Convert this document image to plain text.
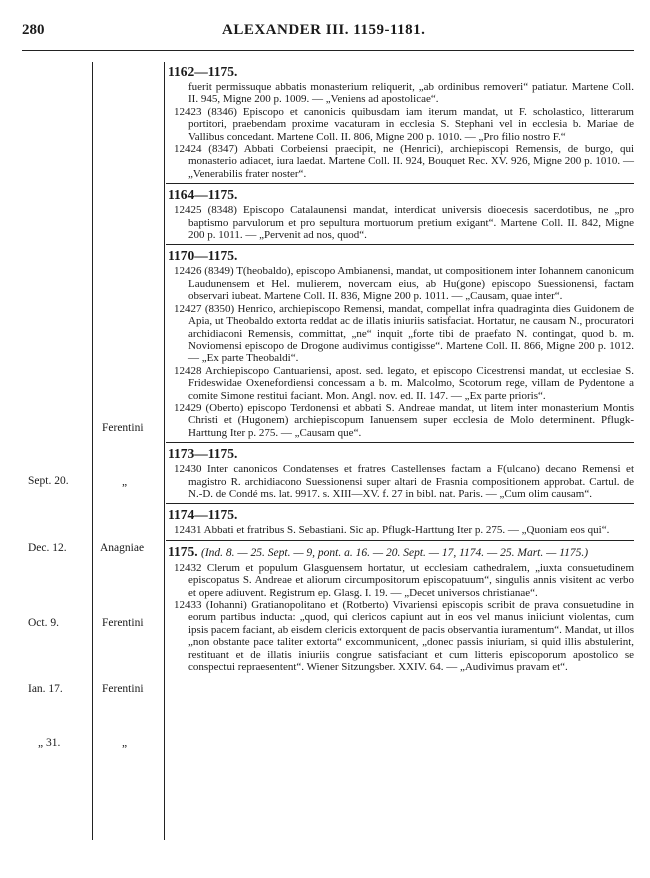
280	ALEXANDER III. 1159-1181.
Sept. 20.
Dec. 12.
Oct. 9.
Ian. 17.
„ 31.
Ferentini
„
Anagniae
Ferentini
Ferentini
„
1162—1175.

fuerit permissuque abbatis monasterium reliquerit, „ab ordinibus removeri“ patiatur. Martene Coll. II. 945, Migne 200 p. 1009. — „Veniens ad apostolicae“.

12423 (8346) Episcopo et canonicis quibusdam iam iterum mandat, ut F. scholastico, litterarum portitori, praebendam proxime vacaturam in ecclesia S. Stephani vel in ecclesia b. Mariae de Vallibus concedant. Martene Coll. II. 806, Migne 200 p. 1010. — „Pro filio nostro F.“

12424 (8347) Abbati Corbeiensi praecipit, ne (Henrici), archiepiscopi Remensis, de burgo, qui monasterio adiacet, iura laedat. Martene Coll. II. 924, Bouquet Rec. XV. 926, Migne 200 p. 1010. — „Venerabilis frater noster“.

1164—1175.

12425 (8348) Episcopo Catalaunensi mandat, interdicat universis dioecesis sacerdotibus, ne „pro baptismo parvulorum et pro sepultura mortuorum pretium exigant“. Martene Coll. II. 842, Migne 200 p. 1011. — „Pervenit ad nos, quod“.

1170—1175.

12426 (8349) T(heobaldo), episcopo Ambianensi, mandat, ut compositionem inter Iohannem canonicum Laudunensem et Hel. mulierem, novercam eius, ab Hu(gone) episcopo Suessionensi, factam observari iubeat. Martene Coll. II. 836, Migne 200 p. 1011. — „Causam, quae inter“.

12427 (8350) Henrico, archiepiscopo Remensi, mandat, compellat infra quadraginta dies Guidonem de Apia, ut Theobaldo extorta reddat ac de illatis iniuriis satisfaciat. Hortatur, ne causam N., procuratori archidiaconi Remensis, committat, „ne“ inquit „forte tibi de praefato N. contingat, quod b. m. Noviomensi episcopo de Drogone audivimus contigisse“. Martene Coll. II. 866, Migne 200 p. 1012. — „Ex parte Theobaldi“.

12428 Archiepiscopo Cantuariensi, apost. sed. legato, et episcopo Cicestrensi mandat, ut ecclesiae S. Frideswidae Oxenefordiensi concessam a b. m. Malcolmo, Scotorum rege, villam de Pydentone a comite Simone restitui faciant. Mon. Angl. nov. ed. II. 147. — „Ex parte prioris“.

12429 (Oberto) episcopo Terdonensi et abbati S. Andreae mandat, ut litem inter monasterium Montis Christi et (Hugonem) archiepiscopum Ianuensem super ecclesia de Molo determinent. Pflugk-Harttung Iter p. 275. — „Causam que“.

1173—1175.

12430 Inter canonicos Condatenses et fratres Castellenses factam a F(ulcano) decano Remensi et magistro R. archidiacono Suessionensi super altari de Frasnia compositionem approbat. Cartul. de N.-D. de Condé ms. lat. 9917. s. XIII—XV. f. 27 in bibl. nat. Paris. — „Cum olim causam“.

1174—1175.

12431 Abbati et fratribus S. Sebastiani. Sic ap. Pflugk-Harttung Iter p. 275. — „Quoniam eos qui“.

1175. (Ind. 8. — 25. Sept. — 9, pont. a. 16. — 20. Sept. — 17, 1174. — 25. Mart. — 1175.)

12432 Clerum et populum Glasguensem hortatur, ut ecclesiam cathedralem, „iuxta consuetudinem episcopatus S. Andreae et aliorum circumpositorum episcopatuum“, singulis annis visitent ac verbo et opere adiuvent. Registrum ep. Glasg. I. 19. — „Decet universos christianae“.

12433 (Iohanni) Gratianopolitano et (Rotberto) Vivariensi episcopis scribit de prava consuetudine in eorum partibus inducta: „quod, qui clericos capiunt aut in eos vel manus iniiciunt violentas, cum ipsis pacem faciant, ab eisdem clericis extorquent de pacis observantia iuramentum“. Mandat, ut illos „non obstante pace taliter extorta“ excommunicent, „donec passis iniuriam, si quid illis abstulerint, restituant et de illatis iniuriis congrue satisfaciant et cum litteris episcoporum apostolico se conspectui repraesentent“. Wiener Sitzungsber. XXIV. 64. — „Audivimus pravam et“.
